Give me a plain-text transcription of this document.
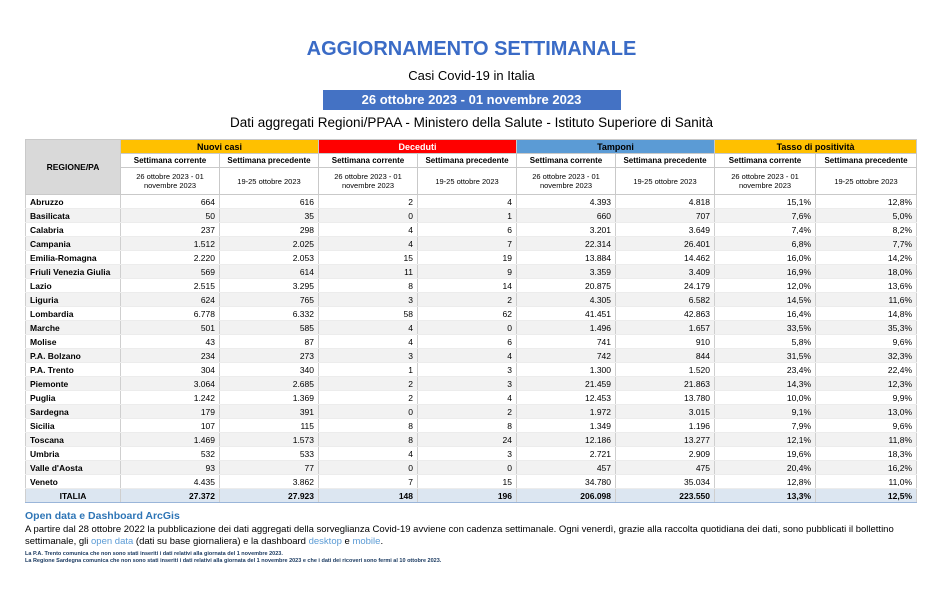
AGGIORNAMENTO SETTIMANALE
Casi Covid-19 in Italia
26 ottobre 2023 - 01 novembre 2023
Dati aggregati Regioni/PPAA - Ministero della Salute - Istituto Superiore di Sanità
REGIONE/PA	Nuovi casi		Deceduti		Tamponi		Tasso di positività	
	Settimana corrente	Settimana precedente	Settimana corrente	Settimana precedente	Settimana corrente	Settimana precedente	Settimana corrente	Settimana precedente
	26 ottobre 2023 - 01 novembre 2023	19-25 ottobre 2023	26 ottobre 2023 - 01 novembre 2023	19-25 ottobre 2023	26 ottobre 2023 - 01 novembre 2023	19-25 ottobre 2023	26 ottobre 2023 - 01 novembre 2023	19-25 ottobre 2023
Abruzzo	664	616	2	4	4.393	4.818	15,1%	12,8%
Basilicata	50	35	0	1	660	707	7,6%	5,0%
Calabria	237	298	4	6	3.201	3.649	7,4%	8,2%
Campania	1.512	2.025	4	7	22.314	26.401	6,8%	7,7%
Emilia-Romagna	2.220	2.053	15	19	13.884	14.462	16,0%	14,2%
Friuli Venezia Giulia	569	614	11	9	3.359	3.409	16,9%	18,0%
Lazio	2.515	3.295	8	14	20.875	24.179	12,0%	13,6%
Liguria	624	765	3	2	4.305	6.582	14,5%	11,6%
Lombardia	6.778	6.332	58	62	41.451	42.863	16,4%	14,8%
Marche	501	585	4	0	1.496	1.657	33,5%	35,3%
Molise	43	87	4	6	741	910	5,8%	9,6%
P.A. Bolzano	234	273	3	4	742	844	31,5%	32,3%
P.A. Trento	304	340	1	3	1.300	1.520	23,4%	22,4%
Piemonte	3.064	2.685	2	3	21.459	21.863	14,3%	12,3%
Puglia	1.242	1.369	2	4	12.453	13.780	10,0%	9,9%
Sardegna	179	391	0	2	1.972	3.015	9,1%	13,0%
Sicilia	107	115	8	8	1.349	1.196	7,9%	9,6%
Toscana	1.469	1.573	8	24	12.186	13.277	12,1%	11,8%
Umbria	532	533	4	3	2.721	2.909	19,6%	18,3%
Valle d'Aosta	93	77	0	0	457	475	20,4%	16,2%
Veneto	4.435	3.862	7	15	34.780	35.034	12,8%	11,0%
ITALIA	27.372	27.923	148	196	206.098	223.550	13,3%	12,5%
Open data e Dashboard ArcGis

A partire dal 28 ottobre 2022 la pubblicazione dei dati aggregati della sorveglianza Covid-19 avviene con cadenza settimanale. Ogni venerdì, grazie alla raccolta quotidiana dei dati, sono pubblicati il bollettino settimanale, gli open data (dati su base giornaliera) e la dashboard desktop e mobile.

La P.A. Trento comunica che non sono stati inseriti i dati relativi alla giornata del 1 novembre 2023.
La Regione Sardegna comunica che non sono stati inseriti i dati relativi alla giornata del 1 novembre 2023 e che i dati dei ricoveri sono fermi al 10 ottobre 2023.
